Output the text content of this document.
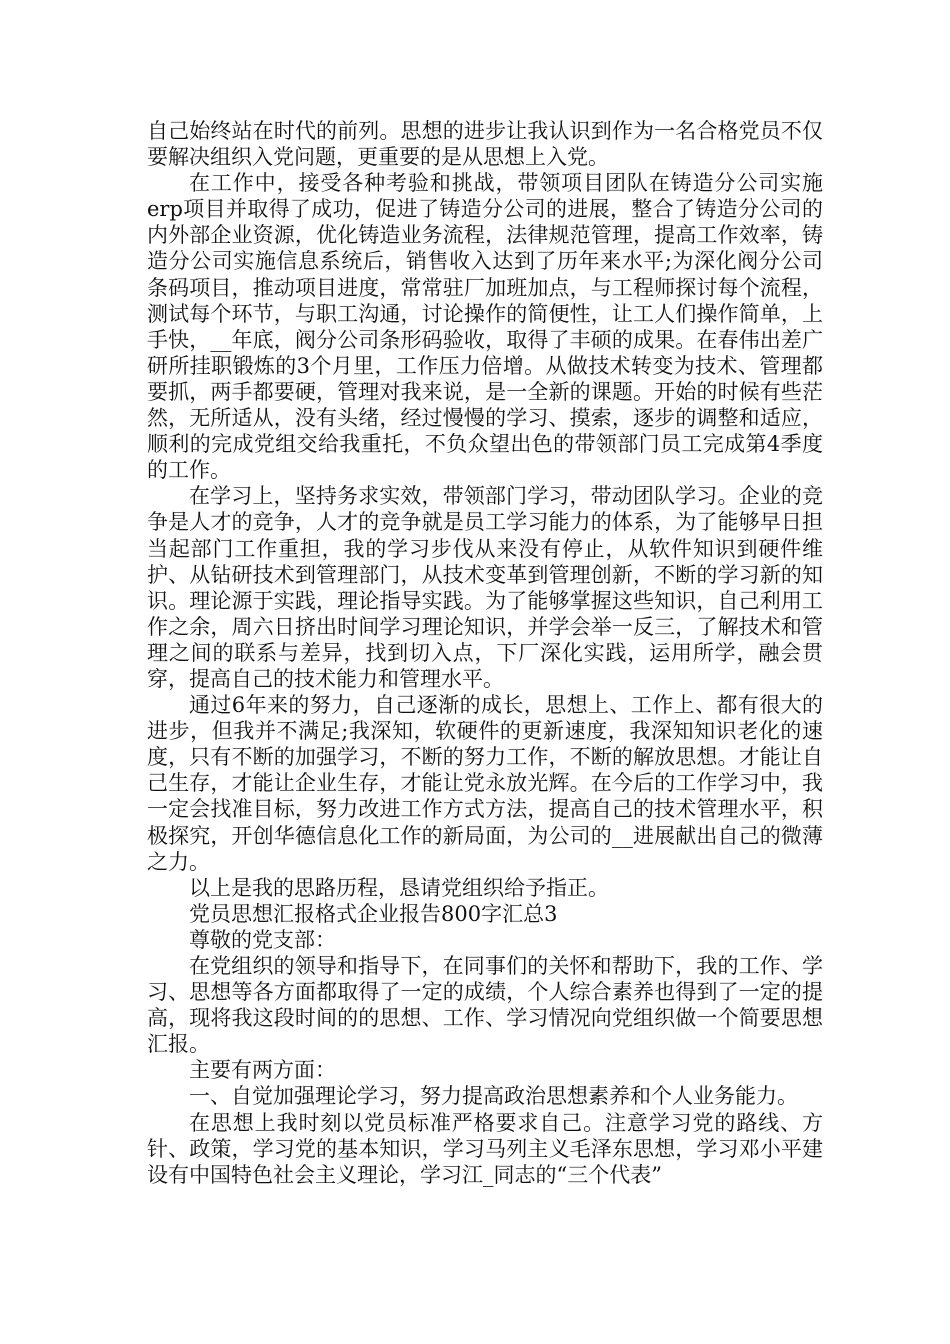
自己始终站在时代的前列。思想的进步让我认识到作为一名合格党员不仅要解决组织入党问题，更重要的是从思想上入党。

在工作中，接受各种考验和挑战，带领项目团队在铸造分公司实施erp项目并取得了成功，促进了铸造分公司的进展，整合了铸造分公司的内外部企业资源，优化铸造业务流程，法律规范管理，提高工作效率，铸造分公司实施信息系统后，销售收入达到了历年来水平;为深化阀分公司条码项目，推动项目进度，常常驻厂加班加点，与工程师探讨每个流程，测试每个环节，与职工沟通，讨论操作的简便性，让工人们操作简单，上手快，__年底，阀分公司条形码验收，取得了丰硕的成果。在春伟出差广研所挂职锻炼的3个月里，工作压力倍增。从做技术转变为技术、管理都要抓，两手都要硬，管理对我来说，是一全新的课题。开始的时候有些茫然，无所适从，没有头绪，经过慢慢的学习、摸索，逐步的调整和适应，顺利的完成党组交给我重托，不负众望出色的带领部门员工完成第4季度的工作。

在学习上，坚持务求实效，带领部门学习，带动团队学习。企业的竞争是人才的竞争，人才的竞争就是员工学习能力的体系，为了能够早日担当起部门工作重担，我的学习步伐从来没有停止，从软件知识到硬件维护、从钻研技术到管理部门，从技术变革到管理创新，不断的学习新的知识。理论源于实践，理论指导实践。为了能够掌握这些知识，自己利用工作之余，周六日挤出时间学习理论知识，并学会举一反三，了解技术和管理之间的联系与差异，找到切入点，下厂深化实践，运用所学，融会贯穿，提高自己的技术能力和管理水平。

通过6年来的努力，自己逐渐的成长，思想上、工作上、都有很大的进步，但我并不满足;我深知，软硬件的更新速度，我深知知识老化的速度，只有不断的加强学习，不断的努力工作，不断的解放思想。才能让自己生存，才能让企业生存，才能让党永放光辉。在今后的工作学习中，我一定会找准目标，努力改进工作方式方法，提高自己的技术管理水平，积极探究，开创华德信息化工作的新局面，为公司的__进展献出自己的微薄之力。

以上是我的思路历程，恳请党组织给予指正。

党员思想汇报格式企业报告800字汇总3

尊敬的党支部：

在党组织的领导和指导下，在同事们的关怀和帮助下，我的工作、学习、思想等各方面都取得了一定的成绩，个人综合素养也得到了一定的提高，现将我这段时间的的思想、工作、学习情况向党组织做一个简要思想汇报。

主要有两方面：

一、自觉加强理论学习，努力提高政治思想素养和个人业务能力。

在思想上我时刻以党员标准严格要求自己。注意学习党的路线、方针、政策，学习党的基本知识，学习马列主义毛泽东思想，学习邓小平建设有中国特色社会主义理论，学习江_同志的“三个代表”
